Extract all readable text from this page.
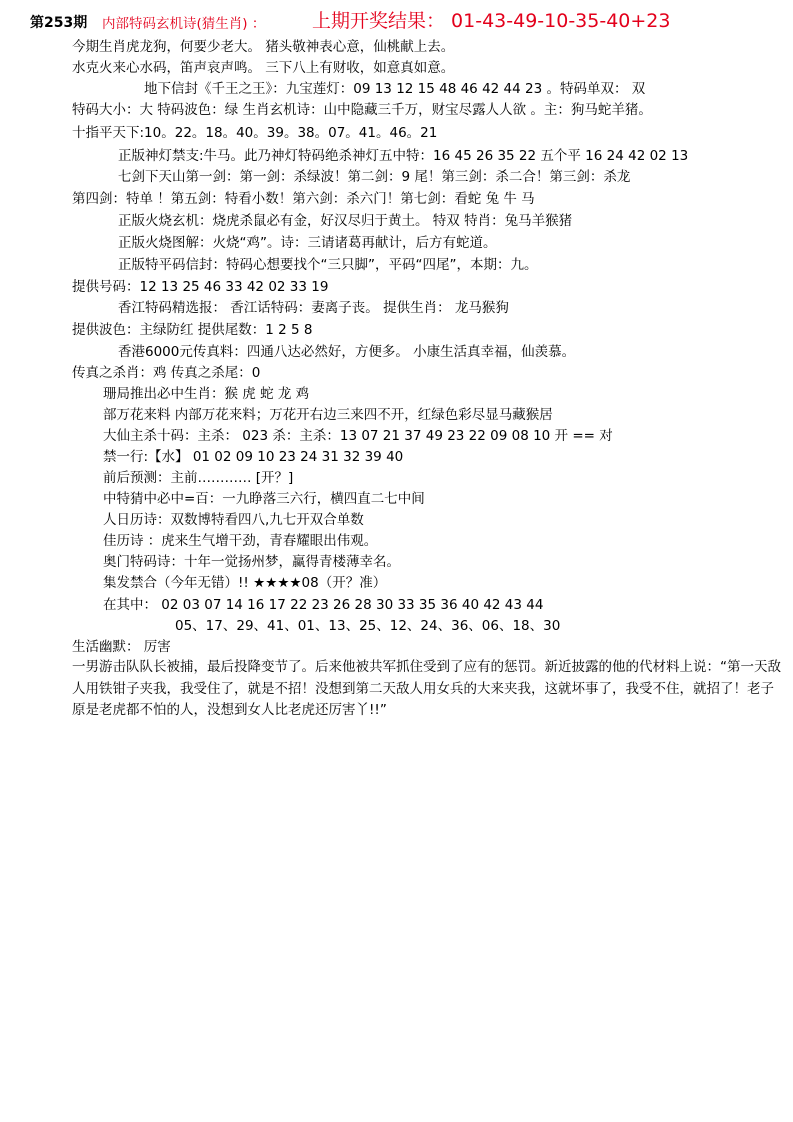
第253期 内部特码玄机诗(猜生肖) ： 上期开奖结果： 01-43-49-10-35-40+23
今期生肖虎龙狗，何要少老大。 猪头敬神表心意，仙桃献上去。
水克火来心水码，笛声哀声鸣。 三下八上有财收，如意真如意。
地下信封《千王之王》：九宝莲灯：09 13 12 15 48 46 42 44 23 。特码单双： 双
特码大小：大 特码波色：绿 生肖玄机诗：山中隐藏三千万，财宝尽露人人欲 。主：狗马蛇羊猪。
十指平天下:10。22。18。40。39。38。07。41。46。21
正版神灯禁支:牛马。此乃神灯特码绝杀神灯五中特：16 45 26 35 22 五个平 16 24 42 02 13
七剑下天山第一剑：第一剑：杀绿波！第二剑：9 尾！第三剑：杀二合！第三剑：杀龙
第四剑：特单 ！第五剑：特看小数！第六剑：杀六门！第七剑：看蛇 兔 牛 马
正版火烧玄机：烧虎杀鼠必有金，好汉尽归于黄土。 特双 特肖：兔马羊猴猪
正版火烧图解：火烧“鸡”。诗：三请诸葛再献计，后方有蛇道。
正版特平码信封：特码心想要找个“三只脚”，平码“四尾”，本期：九。
提供号码：12 13 25 46 33 42 02 33 19
香江特码精选报： 香江话特码：妻离子丧。 提供生肖： 龙马猴狗
提供波色：主绿防红 提供尾数：1 2 5 8
香港6000元传真料：四通八达必然好，方便多。 小康生活真幸福，仙羡慕。
传真之杀肖：鸡 传真之杀尾：0
珊局推出必中生肖：猴 虎 蛇 龙 鸡
部万花来料 内部万花来料；万花开右边三来四不开，红绿色彩尽显马藏猴居
大仙主杀十码：主杀： 023 杀：主杀：13 07 21 37 49 23 22 09 08 10 开 == 对
禁一行:【水】 01 02 09 10 23 24 31 32 39 40
前后预测：主前………… [开？]
中特猜中必中=百：一九睁落三六行，横四直二七中间
人日历诗：双数博特看四八,九七开双合单数
佳历诗 ：虎来生气增干劲，青春耀眼出伟观。
奥门特码诗：十年一觉扬州梦，赢得青楼薄幸名。
集发禁合（今年无错）!! ★★★★08（开？准）
在其中： 02 03 07 14 16 17 22 23 26 28 30 33 35 36 40 42 43 44
05、17、29、41、01、13、25、12、24、36、06、18、30
生活幽默： 厉害
一男游击队队长被捕，最后投降变节了。后来他被共军抓住受到了应有的惩罚。新近披露的他的代材料上说：“第一天敌人用铁钳子夹我，我受住了，就是不招！没想到第二天敌人用女兵的大来夹我，这就坏事了，我受不住，就招了！老子原是老虎都不怕的人，没想到女人比老虎还厉害丫!!”
